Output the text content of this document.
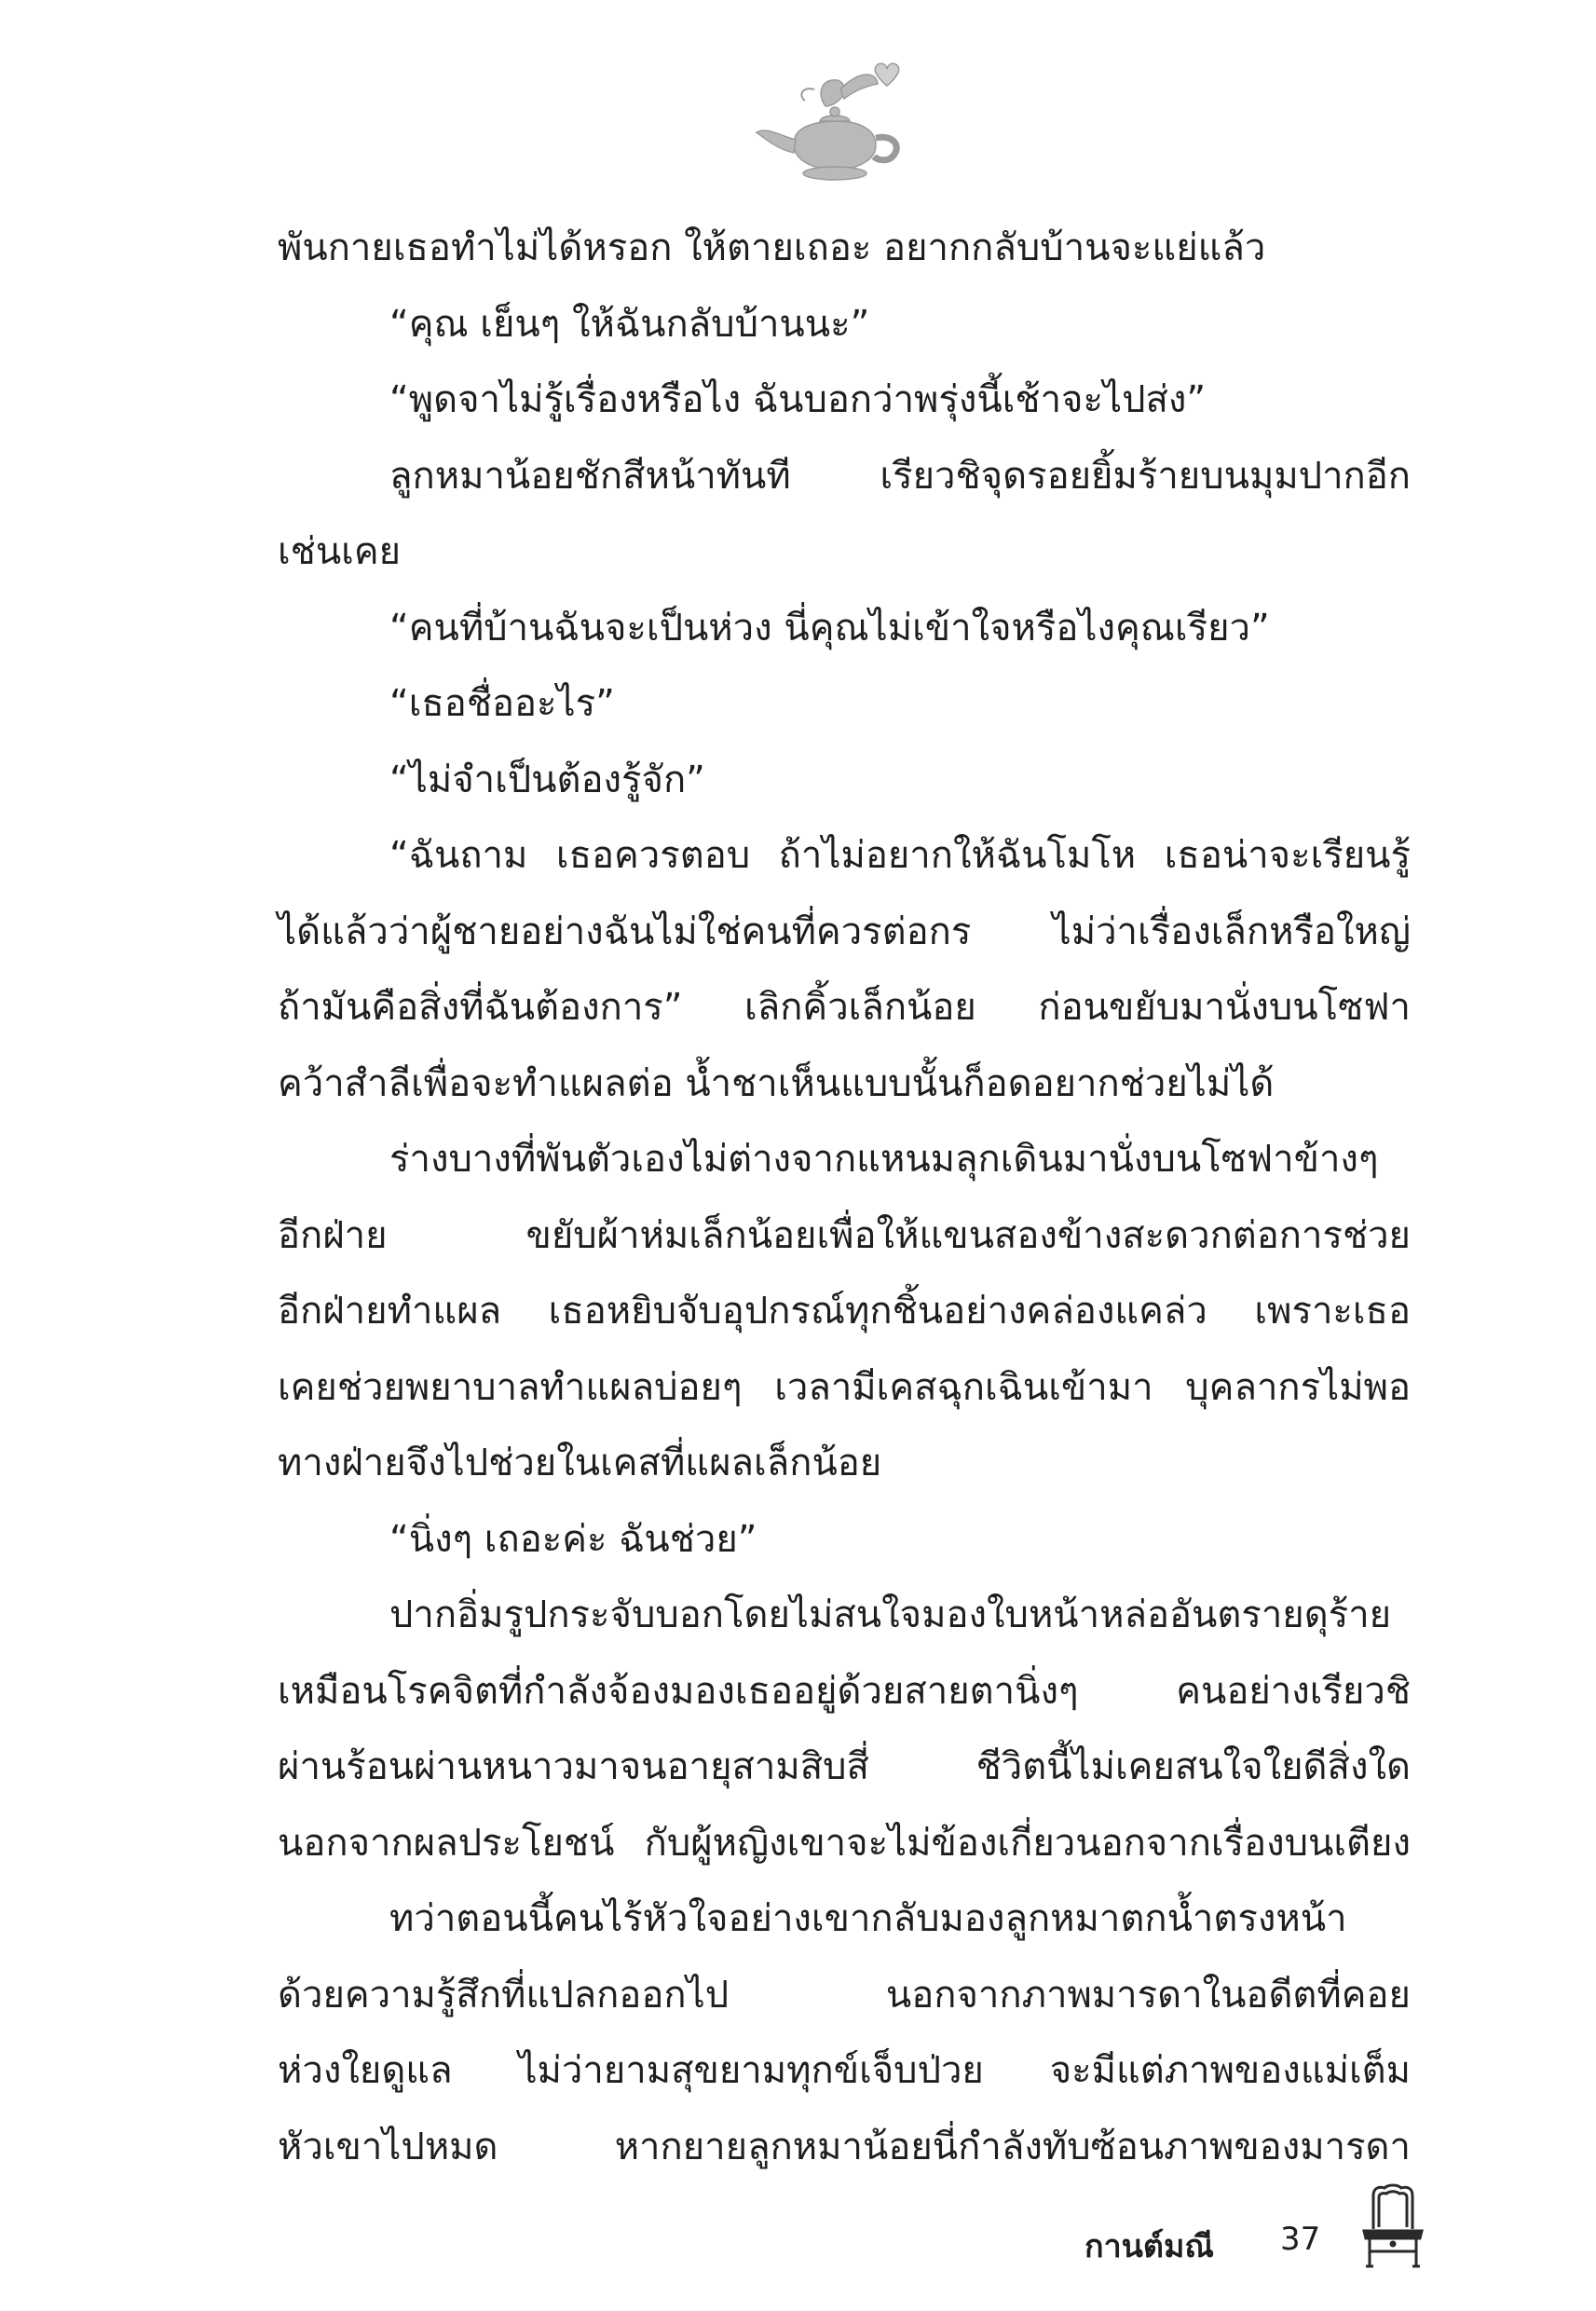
พันกายเธอทำไม่ได้หรอก ให้ตายเถอะ อยากกลับบ้านจะแย่แล้ว
“คุณ เย็นๆ ให้ฉันกลับบ้านนะ”
“พูดจาไม่รู้เรื่องหรือไง ฉันบอกว่าพรุ่งนี้เช้าจะไปส่ง”
ลูกหมาน้อยชักสีหน้าทันที เรียวชิจุดรอยยิ้มร้ายบนมุมปากอีก
เช่นเคย
“คนที่บ้านฉันจะเป็นห่วง นี่คุณไม่เข้าใจหรือไงคุณเรียว”
“เธอชื่ออะไร”
“ไม่จำเป็นต้องรู้จัก”
“ฉันถาม เธอควรตอบ ถ้าไม่อยากให้ฉันโมโห เธอน่าจะเรียนรู้
ได้แล้วว่าผู้ชายอย่างฉันไม่ใช่คนที่ควรต่อกร ไม่ว่าเรื่องเล็กหรือใหญ่
ถ้ามันคือสิ่งที่ฉันต้องการ” เลิกคิ้วเล็กน้อย ก่อนขยับมานั่งบนโซฟา
คว้าสำลีเพื่อจะทำแผลต่อ น้ำชาเห็นแบบนั้นก็อดอยากช่วยไม่ได้
ร่างบางที่พันตัวเองไม่ต่างจากแหนมลุกเดินมานั่งบนโซฟาข้างๆ
อีกฝ่าย ขยับผ้าห่มเล็กน้อยเพื่อให้แขนสองข้างสะดวกต่อการช่วย
อีกฝ่ายทำแผล เธอหยิบจับอุปกรณ์ทุกชิ้นอย่างคล่องแคล่ว เพราะเธอ
เคยช่วยพยาบาลทำแผลบ่อยๆ เวลามีเคสฉุกเฉินเข้ามา บุคลากรไม่พอ
ทางฝ่ายจึงไปช่วยในเคสที่แผลเล็กน้อย
“นิ่งๆ เถอะค่ะ ฉันช่วย”
ปากอิ่มรูปกระจับบอกโดยไม่สนใจมองใบหน้าหล่ออันตรายดุร้าย
เหมือนโรคจิตที่กำลังจ้องมองเธออยู่ด้วยสายตานิ่งๆ คนอย่างเรียวชิ
ผ่านร้อนผ่านหนาวมาจนอายุสามสิบสี่ ชีวิตนี้ไม่เคยสนใจใยดีสิ่งใด
นอกจากผลประโยชน์ กับผู้หญิงเขาจะไม่ข้องเกี่ยวนอกจากเรื่องบนเตียง
ทว่าตอนนี้คนไร้หัวใจอย่างเขากลับมองลูกหมาตกน้ำตรงหน้า
ด้วยความรู้สึกที่แปลกออกไป นอกจากภาพมารดาในอดีตที่คอย
ห่วงใยดูแล ไม่ว่ายามสุขยามทุกข์เจ็บป่วย จะมีแต่ภาพของแม่เต็ม
หัวเขาไปหมด หากยายลูกหมาน้อยนี่กำลังทับซ้อนภาพของมารดา
กานต์มณี 37
